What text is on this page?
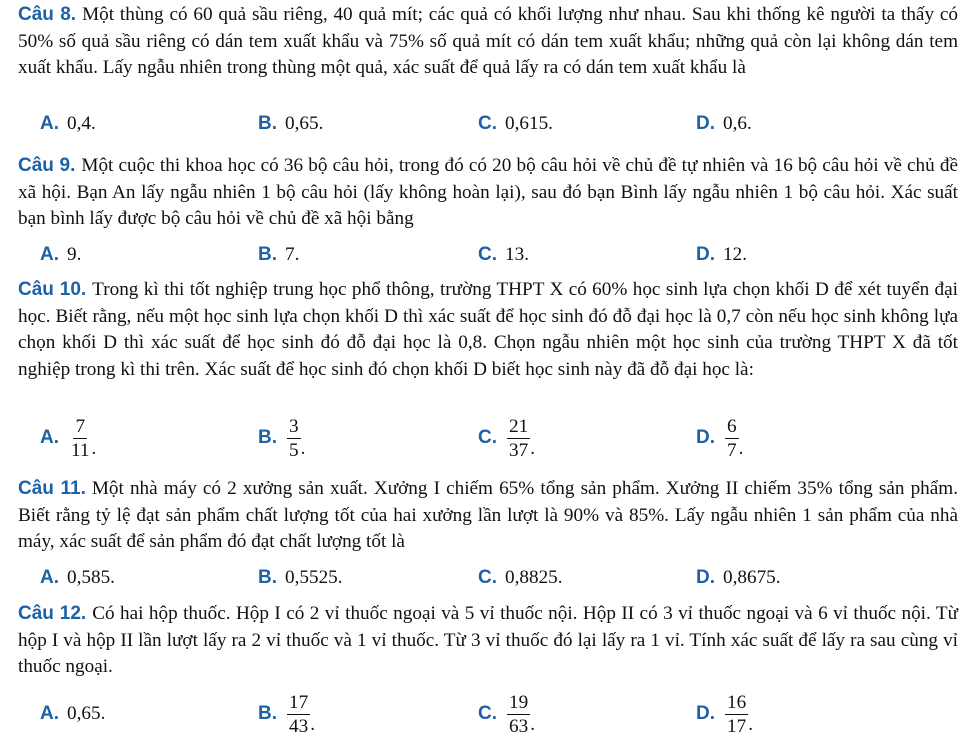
Câu 8. Một thùng có 60 quả sầu riêng, 40 quả mít; các quả có khối lượng như nhau. Sau khi thống kê người ta thấy có 50% số quả sầu riêng có dán tem xuất khẩu và 75% số quả mít có dán tem xuất khẩu; những quả còn lại không dán tem xuất khẩu. Lấy ngẫu nhiên trong thùng một quả, xác suất để quả lấy ra có dán tem xuất khẩu là
A. 0,4.	B. 0,65.	C. 0,615.	D. 0,6.
Câu 9. Một cuộc thi khoa học có 36 bộ câu hỏi, trong đó có 20 bộ câu hỏi về chủ đề tự nhiên và 16 bộ câu hỏi về chủ đề xã hội. Bạn An lấy ngẫu nhiên 1 bộ câu hỏi (lấy không hoàn lại), sau đó bạn Bình lấy ngẫu nhiên 1 bộ câu hỏi. Xác suất bạn bình lấy được bộ câu hỏi về chủ đề xã hội bằng
A. 9.	B. 7.	C. 13.	D. 12.
Câu 10. Trong kì thi tốt nghiệp trung học phổ thông, trường THPT X có 60% học sinh lựa chọn khối D để xét tuyển đại học. Biết rằng, nếu một học sinh lựa chọn khối D thì xác suất để học sinh đó đỗ đại học là 0,7 còn nếu học sinh không lựa chọn khối D thì xác suất để học sinh đó đỗ đại học là 0,8. Chọn ngẫu nhiên một học sinh của trường THPT X đã tốt nghiệp trong kì thi trên. Xác suất để học sinh đó chọn khối D biết học sinh này đã đỗ đại học là:
A. $\frac{7}{11}$ .
B. $\frac{3}{5}$ .
C. $\frac{21}{37}$ .
D. $\frac{6}{7}$ .
Câu 11. Một nhà máy có 2 xưởng sản xuất. Xưởng I chiếm 65% tổng sản phẩm. Xưởng II chiếm 35% tổng sản phẩm. Biết rằng tỷ lệ đạt sản phẩm chất lượng tốt của hai xưởng lần lượt là 90% và 85%. Lấy ngẫu nhiên 1 sản phẩm của nhà máy, xác suất để sản phẩm đó đạt chất lượng tốt là
A. 0,585.	B. 0,5525.	C. 0,8825.	D. 0,8675.
Câu 12. Có hai hộp thuốc. Hộp I có 2 vỉ thuốc ngoại và 5 vỉ thuốc nội. Hộp II có 3 vỉ thuốc ngoại và 6 vỉ thuốc nội. Từ hộp I và hộp II lần lượt lấy ra 2 vỉ thuốc và 1 vỉ thuốc. Từ 3 vỉ thuốc đó lại lấy ra 1 vỉ. Tính xác suất để lấy ra sau cùng vỉ thuốc ngoại.
A. 0,65.	B. $\frac{17}{43}$ .
C. $\frac{19}{63}$ .
D. $\frac{16}{17}$ .
